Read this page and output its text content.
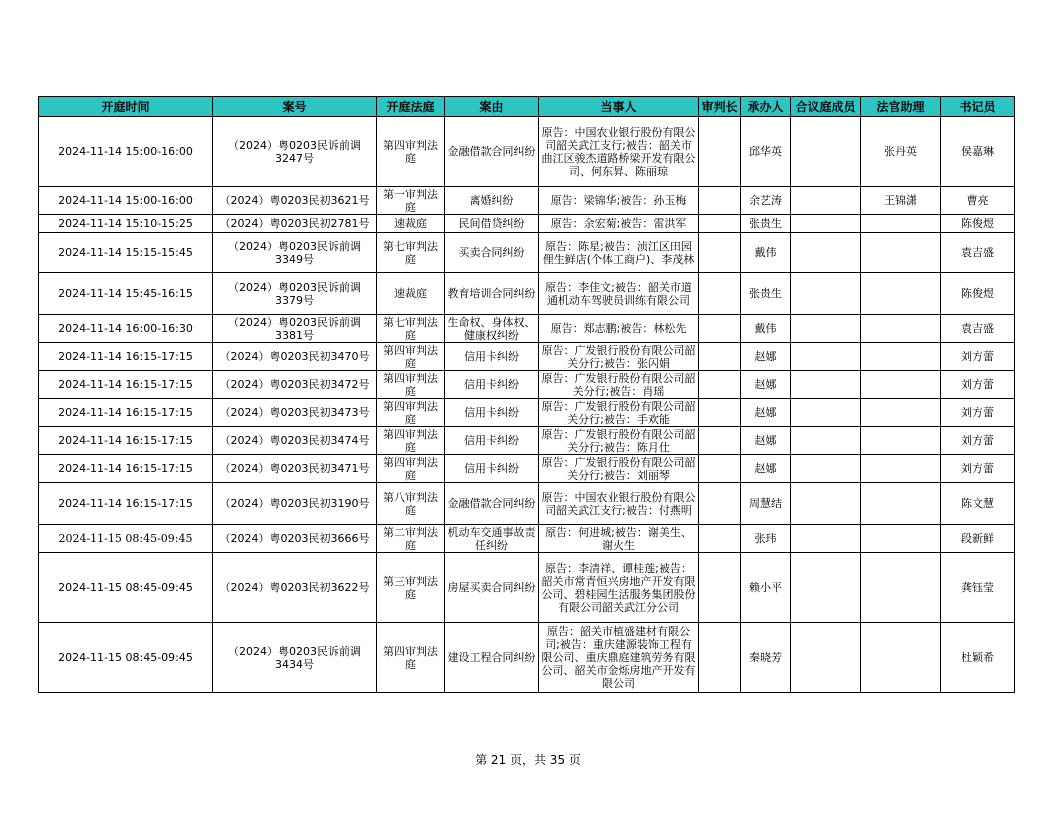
开庭时间	案号	开庭法庭	案由	当事人	审判长	承办人	合议庭成员	法官助理	书记员

2024-11-14 15:00-16:00	（2024）粤0203民诉前调3247号	第四审判法庭	金融借款合同纠纷	原告：中国农业银行股份有限公司韶关武江支行;被告：韶关市曲江区骏杰道路桥梁开发有限公司、何东昇、陈丽琼		邱华英		张丹英	侯嘉琳

2024-11-14 15:00-16:00	（2024）粤0203民初3621号	第一审判法庭	离婚纠纷	原告：梁锦华;被告：孙玉梅		余艺涛		王锦潇	曹亮

2024-11-14 15:10-15:25	（2024）粤0203民初2781号	速裁庭	民间借贷纠纷	原告：余宏菊;被告：雷洪军		张贵生			陈俊煜

2024-11-14 15:15-15:45	（2024）粤0203民诉前调3349号	第七审判法庭	买卖合同纠纷	原告：陈星;被告：浈江区田园俚生鲜店(个体工商户)、李茂林		戴伟			袁吉盛

2024-11-14 15:45-16:15	（2024）粤0203民诉前调3379号	速裁庭	教育培训合同纠纷	原告：李佳文;被告：韶关市道通机动车驾驶员训练有限公司		张贵生			陈俊煜

2024-11-14 16:00-16:30	（2024）粤0203民诉前调3381号	第七审判法庭	生命权、身体权、健康权纠纷	原告：郑志鹏;被告：林松先		戴伟			袁吉盛

2024-11-14 16:15-17:15	（2024）粤0203民初3470号	第四审判法庭	信用卡纠纷	原告：广发银行股份有限公司韶关分行;被告：张闪娟		赵娜			刘方蕾

2024-11-14 16:15-17:15	（2024）粤0203民初3472号	第四审判法庭	信用卡纠纷	原告：广发银行股份有限公司韶关分行;被告：肖瑶		赵娜			刘方蕾

2024-11-14 16:15-17:15	（2024）粤0203民初3473号	第四审判法庭	信用卡纠纷	原告：广发银行股份有限公司韶关分行;被告：手欢能		赵娜			刘方蕾

2024-11-14 16:15-17:15	（2024）粤0203民初3474号	第四审判法庭	信用卡纠纷	原告：广发银行股份有限公司韶关分行;被告：陈月仕		赵娜			刘方蕾

2024-11-14 16:15-17:15	（2024）粤0203民初3471号	第四审判法庭	信用卡纠纷	原告：广发银行股份有限公司韶关分行;被告：刘丽琴		赵娜			刘方蕾

2024-11-14 16:15-17:15	（2024）粤0203民初3190号	第八审判法庭	金融借款合同纠纷	原告：中国农业银行股份有限公司韶关武江支行;被告：付燕明		周慧结			陈文慧

2024-11-15 08:45-09:45	（2024）粤0203民初3666号	第二审判法庭	机动车交通事故责任纠纷	原告：何进城;被告：谢美生、谢火生		张玮			段新鲜

2024-11-15 08:45-09:45	（2024）粤0203民初3622号	第三审判法庭	房屋买卖合同纠纷	原告：李清祥、谭桂莲;被告：韶关市常青恒兴房地产开发有限公司、碧桂园生活服务集团股份有限公司韶关武江分公司		赖小平			龚钰莹

2024-11-15 08:45-09:45	（2024）粤0203民诉前调3434号	第四审判法庭	建设工程合同纠纷	原告：韶关市植盛建材有限公司;被告：重庆建源装饰工程有限公司、重庆鼎庭建筑劳务有限公司、韶关市金烁房地产开发有限公司		秦晓芳			杜颖希
第 21 页，共 35 页
